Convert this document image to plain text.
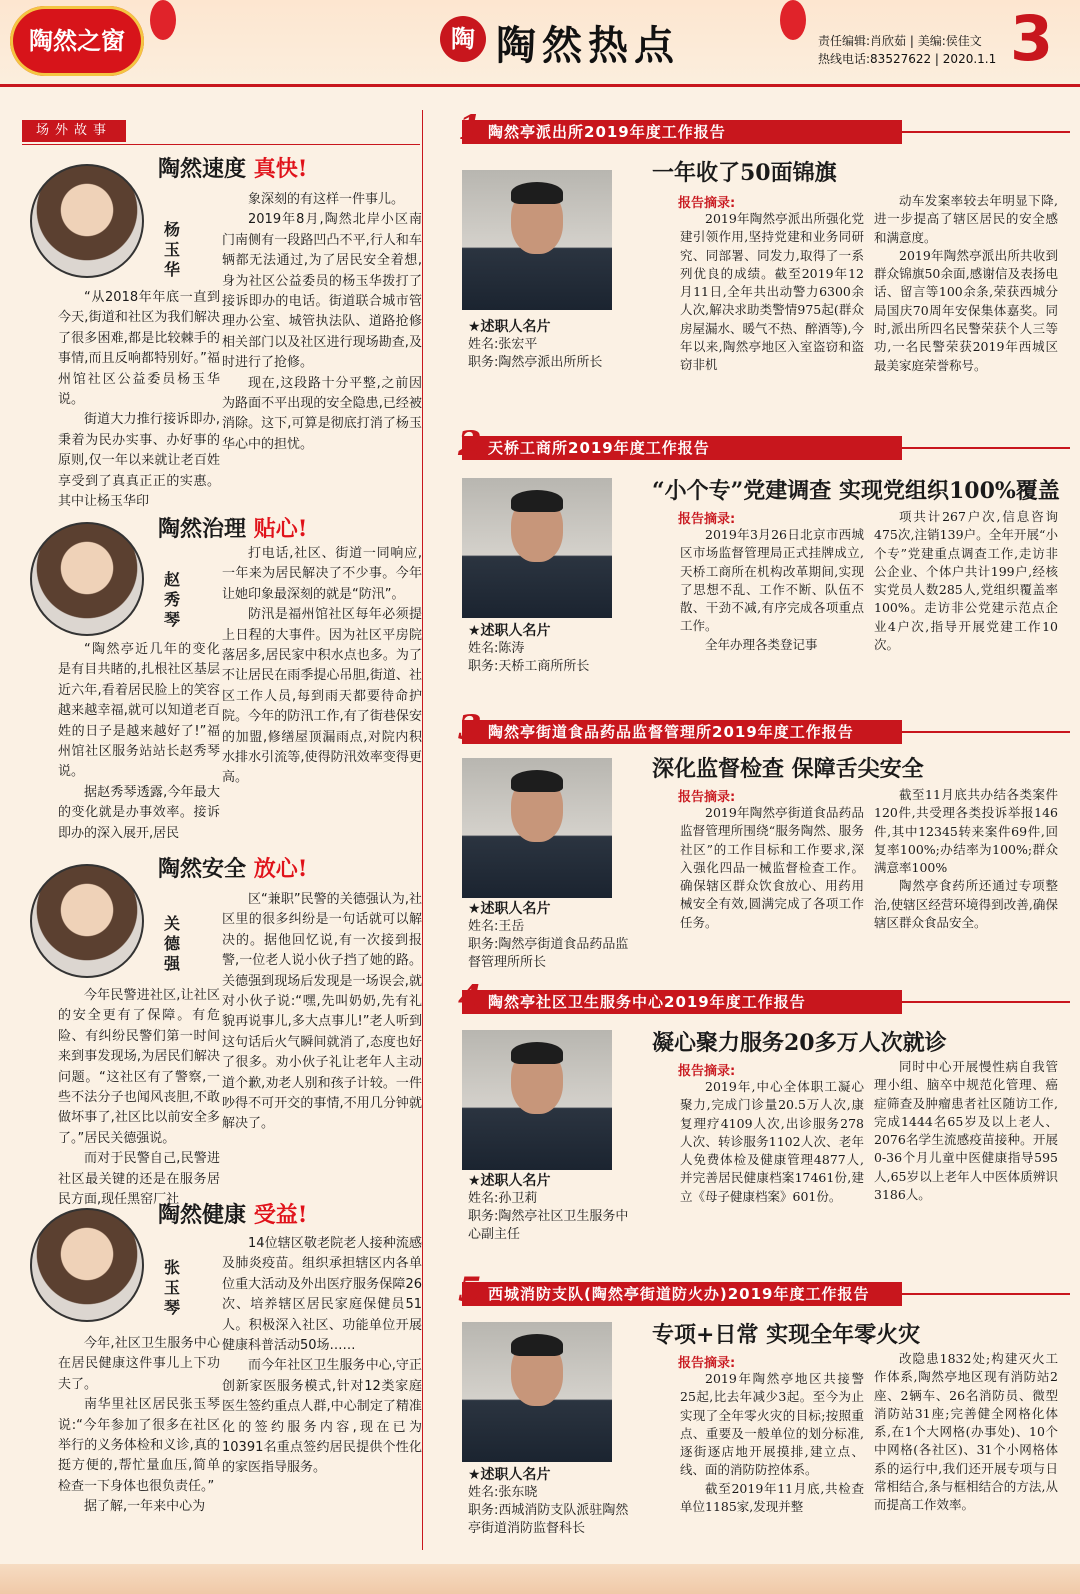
陶然之窗	陶 陶然热点	责任编辑:肖欣茹 | 美编:侯佳文
热线电话:83527622 | 2020.1.1 3
场外故事
陶然速度 真快!
杨玉华

“从2018年年底一直到今天,街道和社区为我们解决了很多困难,都是比较棘手的事情,而且反响都特别好。”福州馆社区公益委员杨玉华说。

街道大力推行接诉即办,秉着为民办实事、办好事的原则,仅一年以来就让老百姓享受到了真真正正的实惠。其中让杨玉华印

象深刻的有这样一件事儿。

2019年8月,陶然北岸小区南门南侧有一段路凹凸不平,行人和车辆都无法通过,为了居民安全着想,身为社区公益委员的杨玉华拨打了接诉即办的电话。街道联合城市管理办公室、城管执法队、道路抢修相关部门以及社区进行现场勘查,及时进行了抢修。

现在,这段路十分平整,之前因为路面不平出现的安全隐患,已经被消除。这下,可算是彻底打消了杨玉华心中的担忧。

陶然治理 贴心!
赵秀琴

“陶然亭近几年的变化是有目共睹的,扎根社区基层近六年,看着居民脸上的笑容越来越幸福,就可以知道老百姓的日子是越来越好了!”福州馆社区服务站站长赵秀琴说。

据赵秀琴透露,今年最大的变化就是办事效率。接诉即办的深入展开,居民

打电话,社区、街道一同响应,一年来为居民解决了不少事。今年让她印象最深刻的就是“防汛”。

防汛是福州馆社区每年必须提上日程的大事件。因为社区平房院落居多,居民家中积水点也多。为了不让居民在雨季提心吊胆,街道、社区工作人员,每到雨天都要待命护院。今年的防汛工作,有了街巷保安的加盟,修缮屋顶漏雨点,对院内积水排水引流等,使得防汛效率变得更高。

陶然安全 放心!
关德强

今年民警进社区,让社区的安全更有了保障。有危险、有纠纷民警们第一时间来到事发现场,为居民们解决问题。“这社区有了警察,一些不法分子也闻风丧胆,不敢做坏事了,社区比以前安全多了。”居民关德强说。

而对于民警自己,民警进社区最关键的还是在服务居民方面,现任黑窑厂社

区“兼职”民警的关德强认为,社区里的很多纠纷是一句话就可以解决的。据他回忆说,有一次接到报警,一位老人说小伙子挡了她的路。关德强到现场后发现是一场误会,就对小伙子说:“嘿,先叫奶奶,先有礼貌再说事儿,多大点事儿!”老人听到这句话后火气瞬间就消了,态度也好了很多。劝小伙子礼让老年人主动道个歉,劝老人别和孩子计较。一件吵得不可开交的事情,不用几分钟就解决了。

陶然健康 受益!
张玉琴

今年,社区卫生服务中心在居民健康这件事儿上下功夫了。

南华里社区居民张玉琴说:“今年参加了很多在社区举行的义务体检和义诊,真的挺方便的,帮忙量血压,简单检查一下身体也很负责任。”

据了解,一年来中心为

14位辖区敬老院老人接种流感及肺炎疫苗。组织承担辖区内各单位重大活动及外出医疗服务保障26次、培养辖区居民家庭保健员51人。积极深入社区、功能单位开展健康科普活动50场……

而今年社区卫生服务中心,守正创新家医服务模式,针对12类家庭医生签约重点人群,中心制定了精准化的签约服务内容,现在已为10391名重点签约居民提供个性化的家医指导服务。

陶然亭派出所2019年度工作报告
1
★述职人名片
姓名:张宏平
职务:陶然亭派出所所长
一年收了50面锦旗
报告摘录:

2019年陶然亭派出所强化党建引领作用,坚持党建和业务同研究、同部署、同发力,取得了一系列优良的成绩。截至2019年12月11日,全年共出动警力6300余人次,解决求助类警情975起(群众房屋漏水、暖气不热、醉酒等),今年以来,陶然亭地区入室盗窃和盗窃非机

动车发案率较去年明显下降,进一步提高了辖区居民的安全感和满意度。

2019年陶然亭派出所共收到群众锦旗50余面,感谢信及表扬电话、留言等100余条,荣获西城分局国庆70周年安保集体嘉奖。同时,派出所四名民警荣获个人三等功,一名民警荣获2019年西城区最美家庭荣誉称号。

天桥工商所2019年度工作报告
2
★述职人名片
姓名:陈涛
职务:天桥工商所所长
“小个专”党建调查 实现党组织100%覆盖
报告摘录:

2019年3月26日北京市西城区市场监督管理局正式挂牌成立,天桥工商所在机构改革期间,实现了思想不乱、工作不断、队伍不散、干劲不减,有序完成各项重点工作。

全年办理各类登记事

项共计267户次,信息咨询475次,注销139户。全年开展“小个专”党建重点调查工作,走访非公企业、个体户共计199户,经核实党员人数285人,党组织覆盖率100%。走访非公党建示范点企业4户次,指导开展党建工作10次。

陶然亭街道食品药品监督管理所2019年度工作报告
3
★述职人名片
姓名:王岳
职务:陶然亭街道食品药品监督管理所所长
深化监督检查 保障舌尖安全
报告摘录:

2019年陶然亭街道食品药品监督管理所围绕“服务陶然、服务社区”的工作目标和工作要求,深入强化四品一械监督检查工作。确保辖区群众饮食放心、用药用械安全有效,圆满完成了各项工作任务。

截至11月底共办结各类案件120件,共受理各类投诉举报146件,其中12345转来案件69件,回复率100%;办结率为100%;群众满意率100%

陶然亭食药所还通过专项整治,使辖区经营环境得到改善,确保辖区群众食品安全。

陶然亭社区卫生服务中心2019年度工作报告
4
★述职人名片
姓名:孙卫莉
职务:陶然亭社区卫生服务中心副主任
凝心聚力服务20多万人次就诊
报告摘录:

2019年,中心全体职工凝心聚力,完成门诊量20.5万人次,康复理疗4109人次,出诊服务278人次、转诊服务1102人次、老年人免费体检及健康管理4877人,并完善居民健康档案17461份,建立《母子健康档案》601份。

同时中心开展慢性病自我管理小组、脑卒中规范化管理、癌症筛查及肿瘤患者社区随访工作,完成1444名65岁及以上老人、2076名学生流感疫苗接种。开展0-36个月儿童中医健康指导595人,65岁以上老年人中医体质辨识3186人。

西城消防支队(陶然亭街道防火办)2019年度工作报告
5
★述职人名片
姓名:张东晓
职务:西城消防支队派驻陶然亭街道消防监督科长
专项+日常 实现全年零火灾
报告摘录:

2019年陶然亭地区共接警25起,比去年减少3起。至今为止实现了全年零火灾的目标;按照重点、重要及一般单位的划分标准,逐街逐店地开展摸排,建立点、线、面的消防防控体系。

截至2019年11月底,共检查单位1185家,发现并整

改隐患1832处;构建灭火工作体系,陶然亭地区现有消防站2座、2辆车、26名消防员、微型消防站31座;完善健全网格化体系,在1个大网格(办事处)、10个中网格(各社区)、31个小网格体系的运行中,我们还开展专项与日常相结合,条与框相结合的方法,从而提高工作效率。
